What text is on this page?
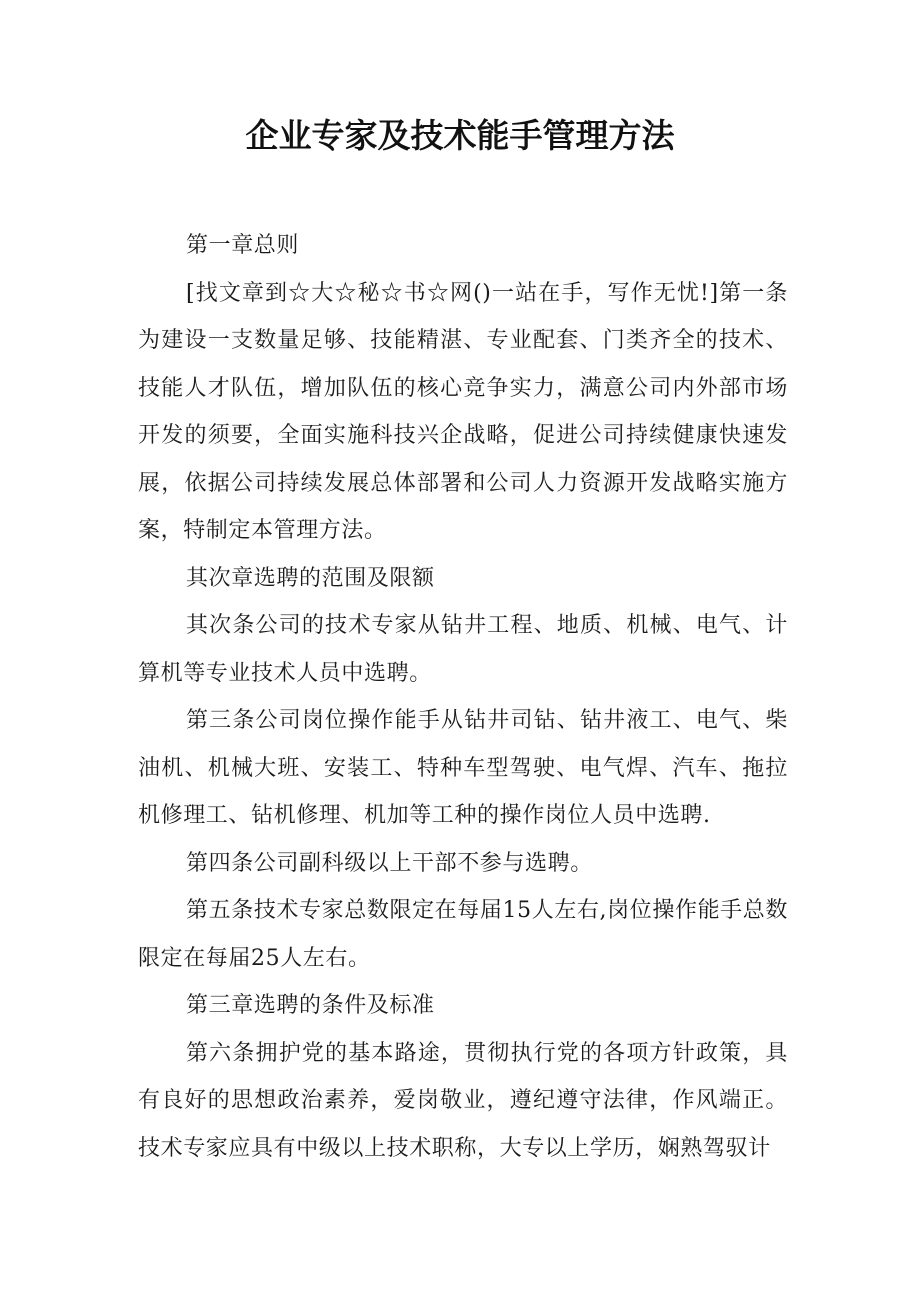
企业专家及技术能手管理方法

第一章总则

[找文章到☆大☆秘☆书☆网()一站在手，写作无忧!]第一条为建设一支数量足够、技能精湛、专业配套、门类齐全的技术、技能人才队伍，增加队伍的核心竞争实力，满意公司内外部市场开发的须要，全面实施科技兴企战略，促进公司持续健康快速发展，依据公司持续发展总体部署和公司人力资源开发战略实施方案，特制定本管理方法。

其次章选聘的范围及限额

其次条公司的技术专家从钻井工程、地质、机械、电气、计算机等专业技术人员中选聘。

第三条公司岗位操作能手从钻井司钻、钻井液工、电气、柴油机、机械大班、安装工、特种车型驾驶、电气焊、汽车、拖拉机修理工、钻机修理、机加等工种的操作岗位人员中选聘.

第四条公司副科级以上干部不参与选聘。

第五条技术专家总数限定在每届15人左右,岗位操作能手总数限定在每届25人左右。

第三章选聘的条件及标准

第六条拥护党的基本路途，贯彻执行党的各项方针政策，具有良好的思想政治素养，爱岗敬业，遵纪遵守法律，作风端正。技术专家应具有中级以上技术职称，大专以上学历，娴熟驾驭计
